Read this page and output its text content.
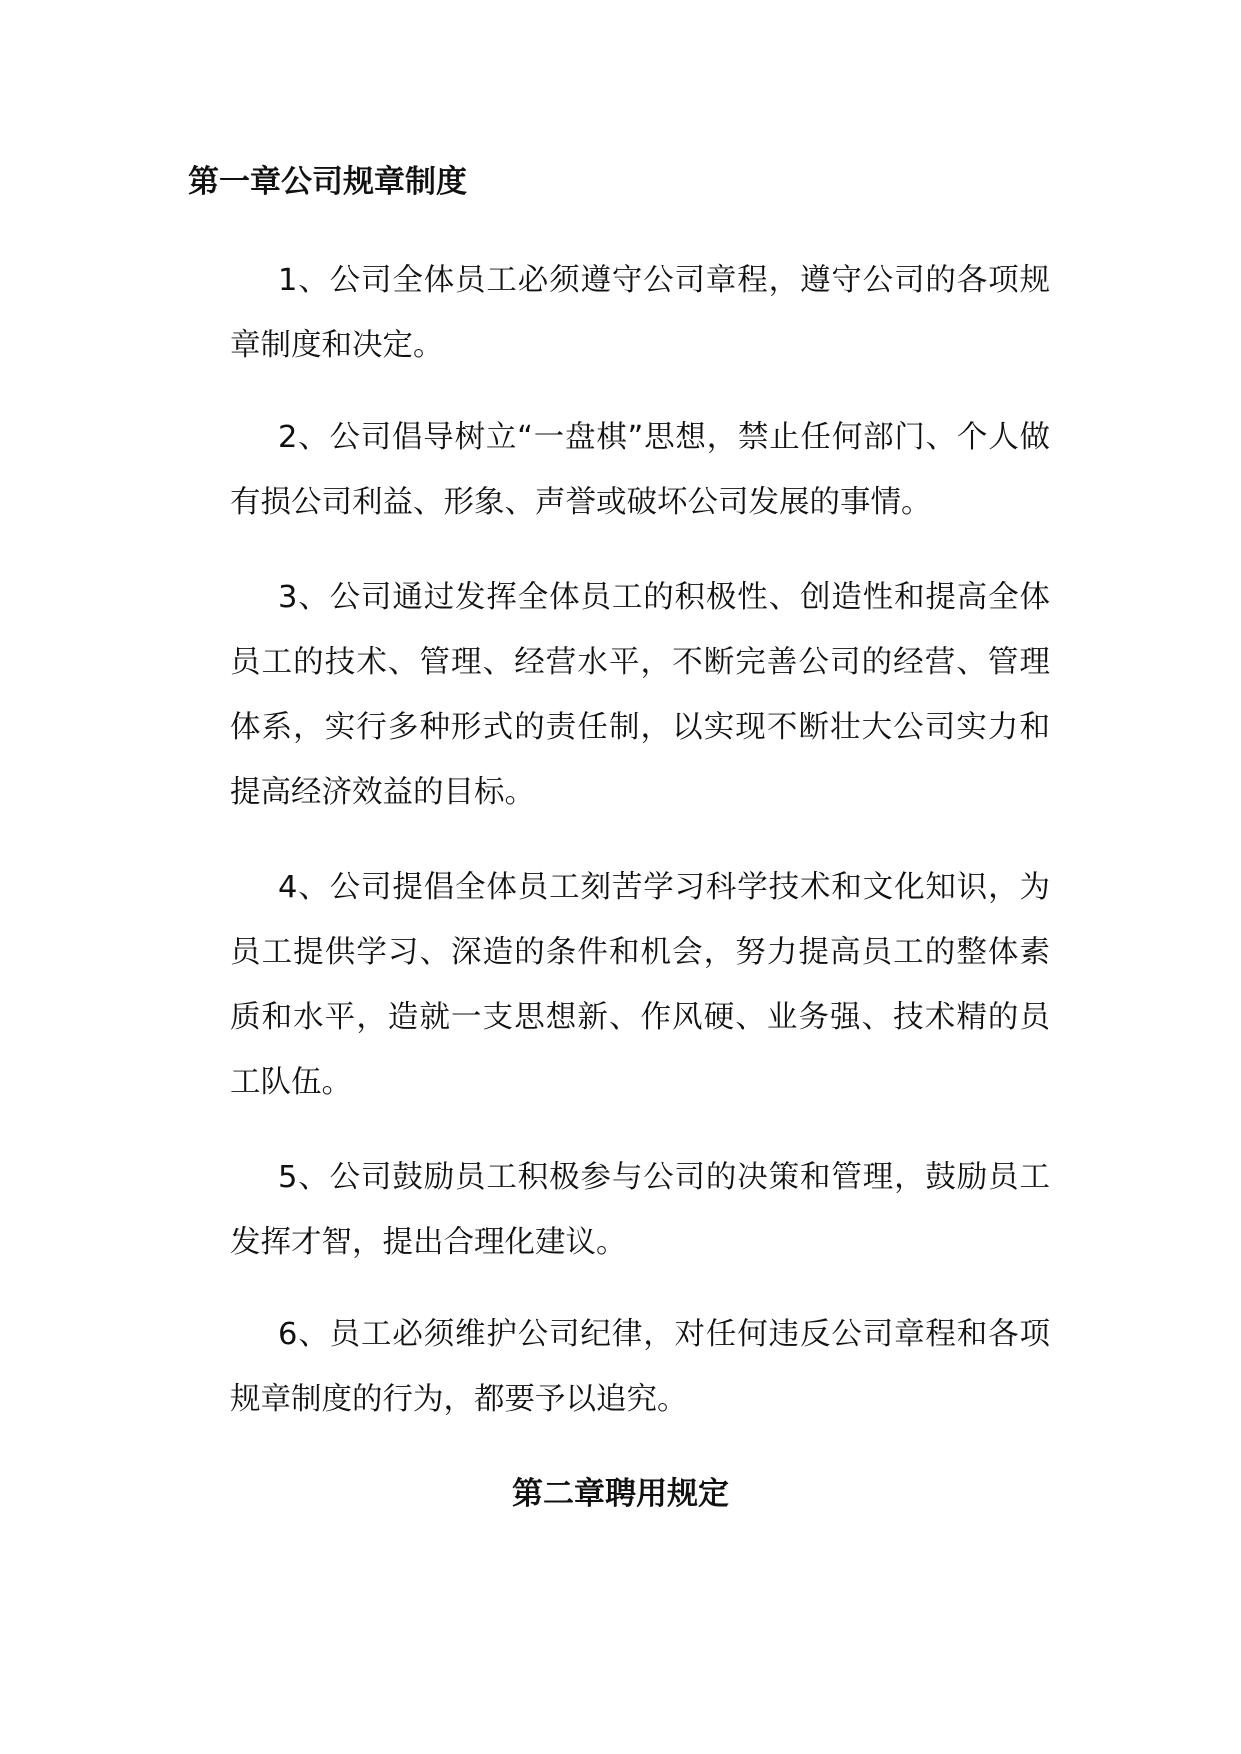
第一章公司规章制度

1、公司全体员工必须遵守公司章程，遵守公司的各项规章制度和决定。

2、公司倡导树立“一盘棋”思想，禁止任何部门、个人做有损公司利益、形象、声誉或破坏公司发展的事情。

3、公司通过发挥全体员工的积极性、创造性和提高全体员工的技术、管理、经营水平，不断完善公司的经营、管理体系，实行多种形式的责任制，以实现不断壮大公司实力和提高经济效益的目标。

4、公司提倡全体员工刻苦学习科学技术和文化知识，为员工提供学习、深造的条件和机会，努力提高员工的整体素质和水平，造就一支思想新、作风硬、业务强、技术精的员工队伍。

5、公司鼓励员工积极参与公司的决策和管理，鼓励员工发挥才智，提出合理化建议。

6、员工必须维护公司纪律，对任何违反公司章程和各项规章制度的行为，都要予以追究。

第二章聘用规定
